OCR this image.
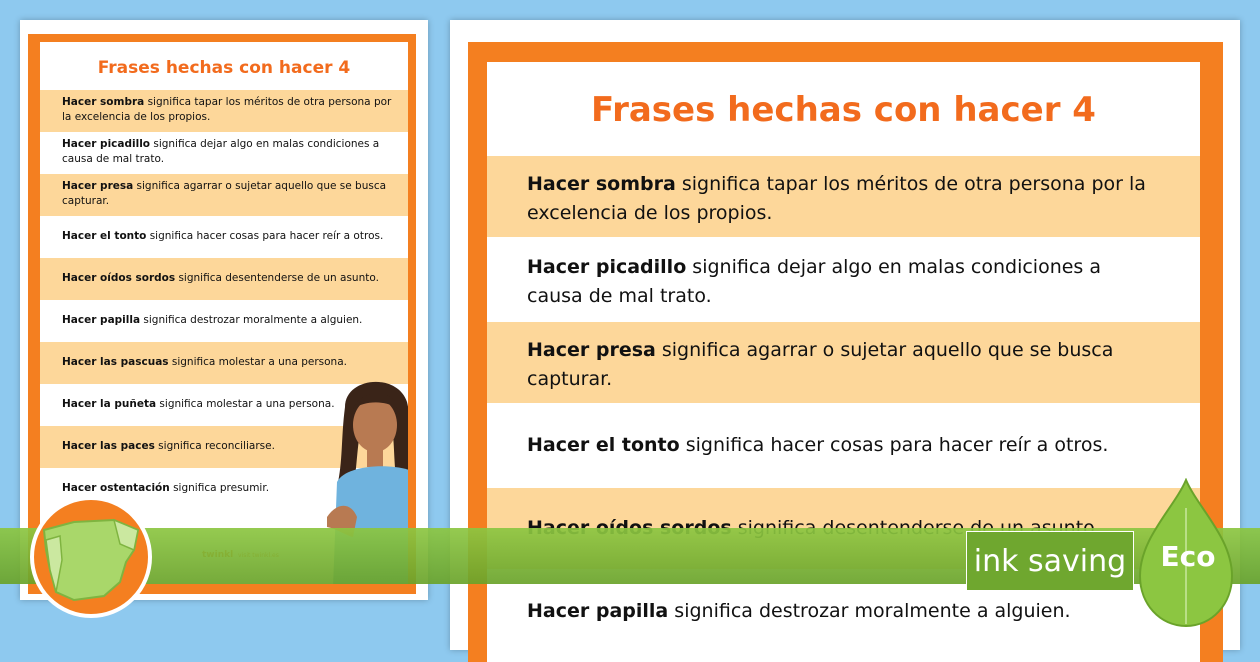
Frases hechas con hacer 4
Hacer sombra significa tapar los méritos de otra persona por la excelencia de los propios.
Hacer picadillo significa dejar algo en malas condiciones a causa de mal trato.
Hacer presa significa agarrar o sujetar aquello que se busca capturar.
Hacer el tonto significa hacer cosas para hacer reír a otros.
Hacer oídos sordos significa desentenderse de un asunto.
Hacer papilla significa destrozar moralmente a alguien.
Hacer las pascuas significa molestar a una persona.
Hacer la puñeta significa molestar a una persona.
Hacer las paces significa reconciliarse.
Hacer ostentación significa presumir.
Frases hechas con hacer 4
Hacer sombra significa tapar los méritos de otra persona por la excelencia de los propios.
Hacer picadillo significa dejar algo en malas condiciones a causa de mal trato.
Hacer presa significa agarrar o sujetar aquello que se busca capturar.
Hacer el tonto significa hacer cosas para hacer reír a otros.
Hacer papilla significa destrozar moralmente a alguien.
ink saving Eco
